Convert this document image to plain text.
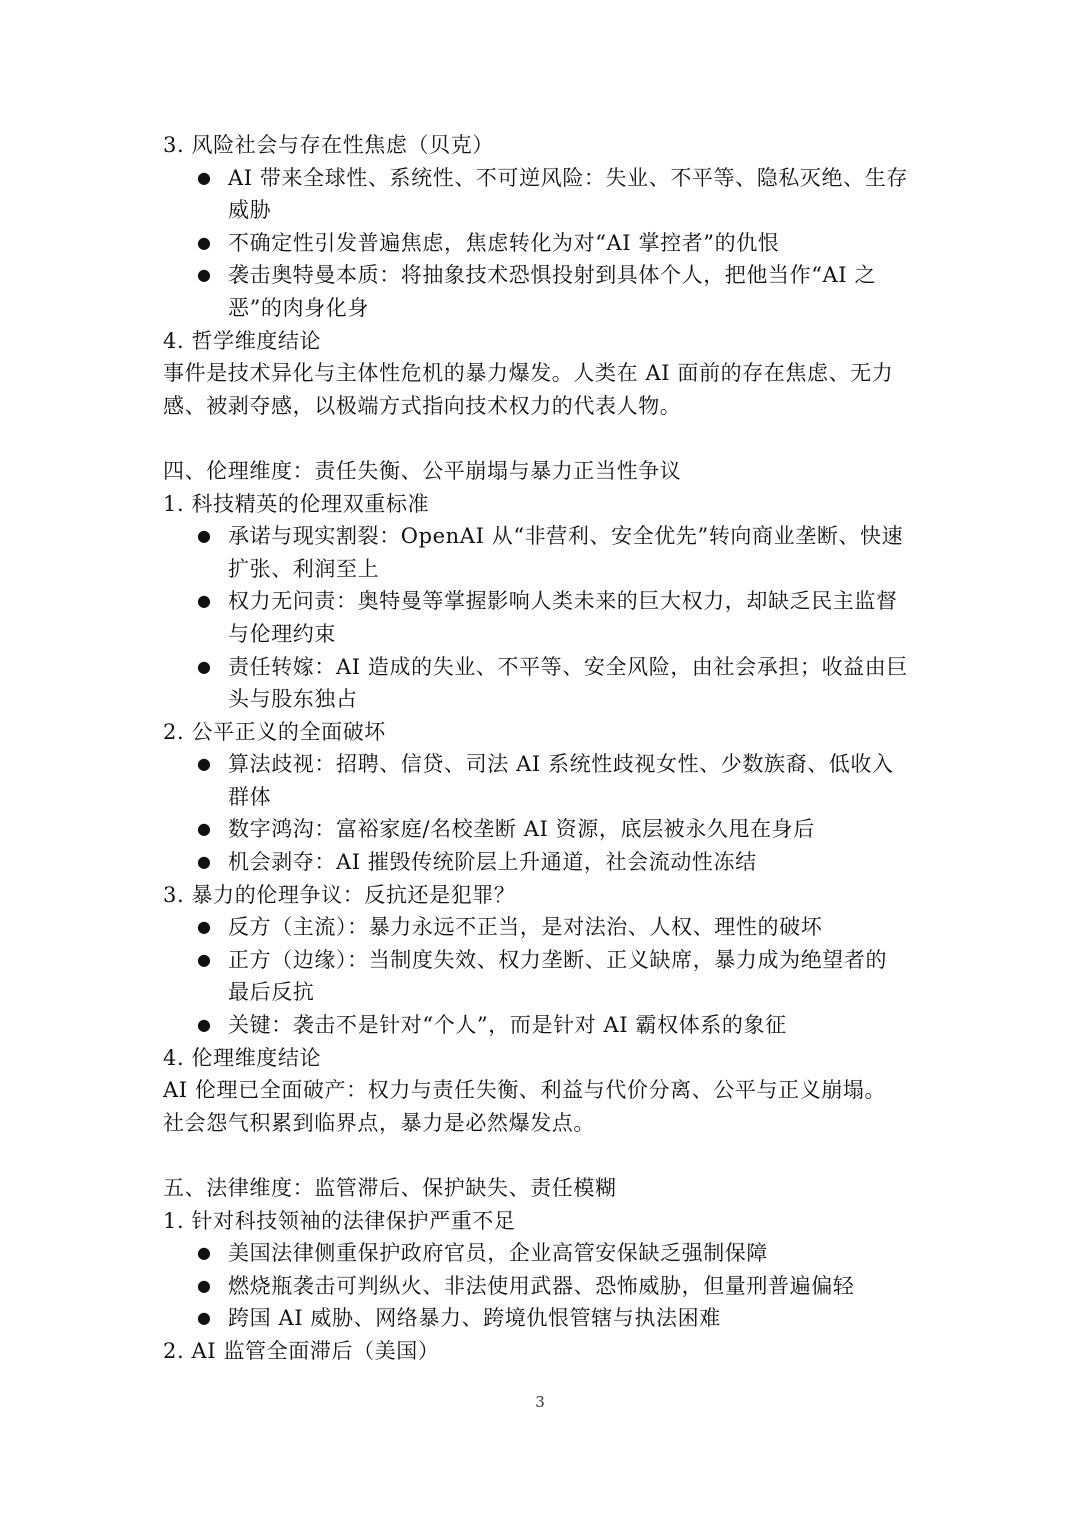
3. 风险社会与存在性焦虑（贝克）

● AI 带来全球性、系统性、不可逆风险：失业、不平等、隐私灭绝、生存
威胁
● 不确定性引发普遍焦虑，焦虑转化为对“AI 掌控者”的仇恨
● 袭击奥特曼本质：将抽象技术恐惧投射到具体个人，把他当作“AI 之
恶”的肉身化身

4. 哲学维度结论

事件是技术异化与主体性危机的暴力爆发。人类在 AI 面前的存在焦虑、无力

感、被剥夺感，以极端方式指向技术权力的代表人物。

四、伦理维度：责任失衡、公平崩塌与暴力正当性争议

1. 科技精英的伦理双重标准

● 承诺与现实割裂：OpenAI 从“非营利、安全优先”转向商业垄断、快速
扩张、利润至上
● 权力无问责：奥特曼等掌握影响人类未来的巨大权力，却缺乏民主监督
与伦理约束
● 责任转嫁：AI 造成的失业、不平等、安全风险，由社会承担；收益由巨
头与股东独占

2. 公平正义的全面破坏

● 算法歧视：招聘、信贷、司法 AI 系统性歧视女性、少数族裔、低收入
群体
● 数字鸿沟：富裕家庭/名校垄断 AI 资源，底层被永久甩在身后
● 机会剥夺：AI 摧毁传统阶层上升通道，社会流动性冻结

3. 暴力的伦理争议：反抗还是犯罪？

● 反方（主流）：暴力永远不正当，是对法治、人权、理性的破坏
● 正方（边缘）：当制度失效、权力垄断、正义缺席，暴力成为绝望者的
最后反抗
● 关键：袭击不是针对“个人”，而是针对 AI 霸权体系的象征

4. 伦理维度结论

AI 伦理已全面破产：权力与责任失衡、利益与代价分离、公平与正义崩塌。

社会怨气积累到临界点，暴力是必然爆发点。

五、法律维度：监管滞后、保护缺失、责任模糊

1. 针对科技领袖的法律保护严重不足

● 美国法律侧重保护政府官员，企业高管安保缺乏强制保障
● 燃烧瓶袭击可判纵火、非法使用武器、恐怖威胁，但量刑普遍偏轻
● 跨国 AI 威胁、网络暴力、跨境仇恨管辖与执法困难

2. AI 监管全面滞后（美国）

3
